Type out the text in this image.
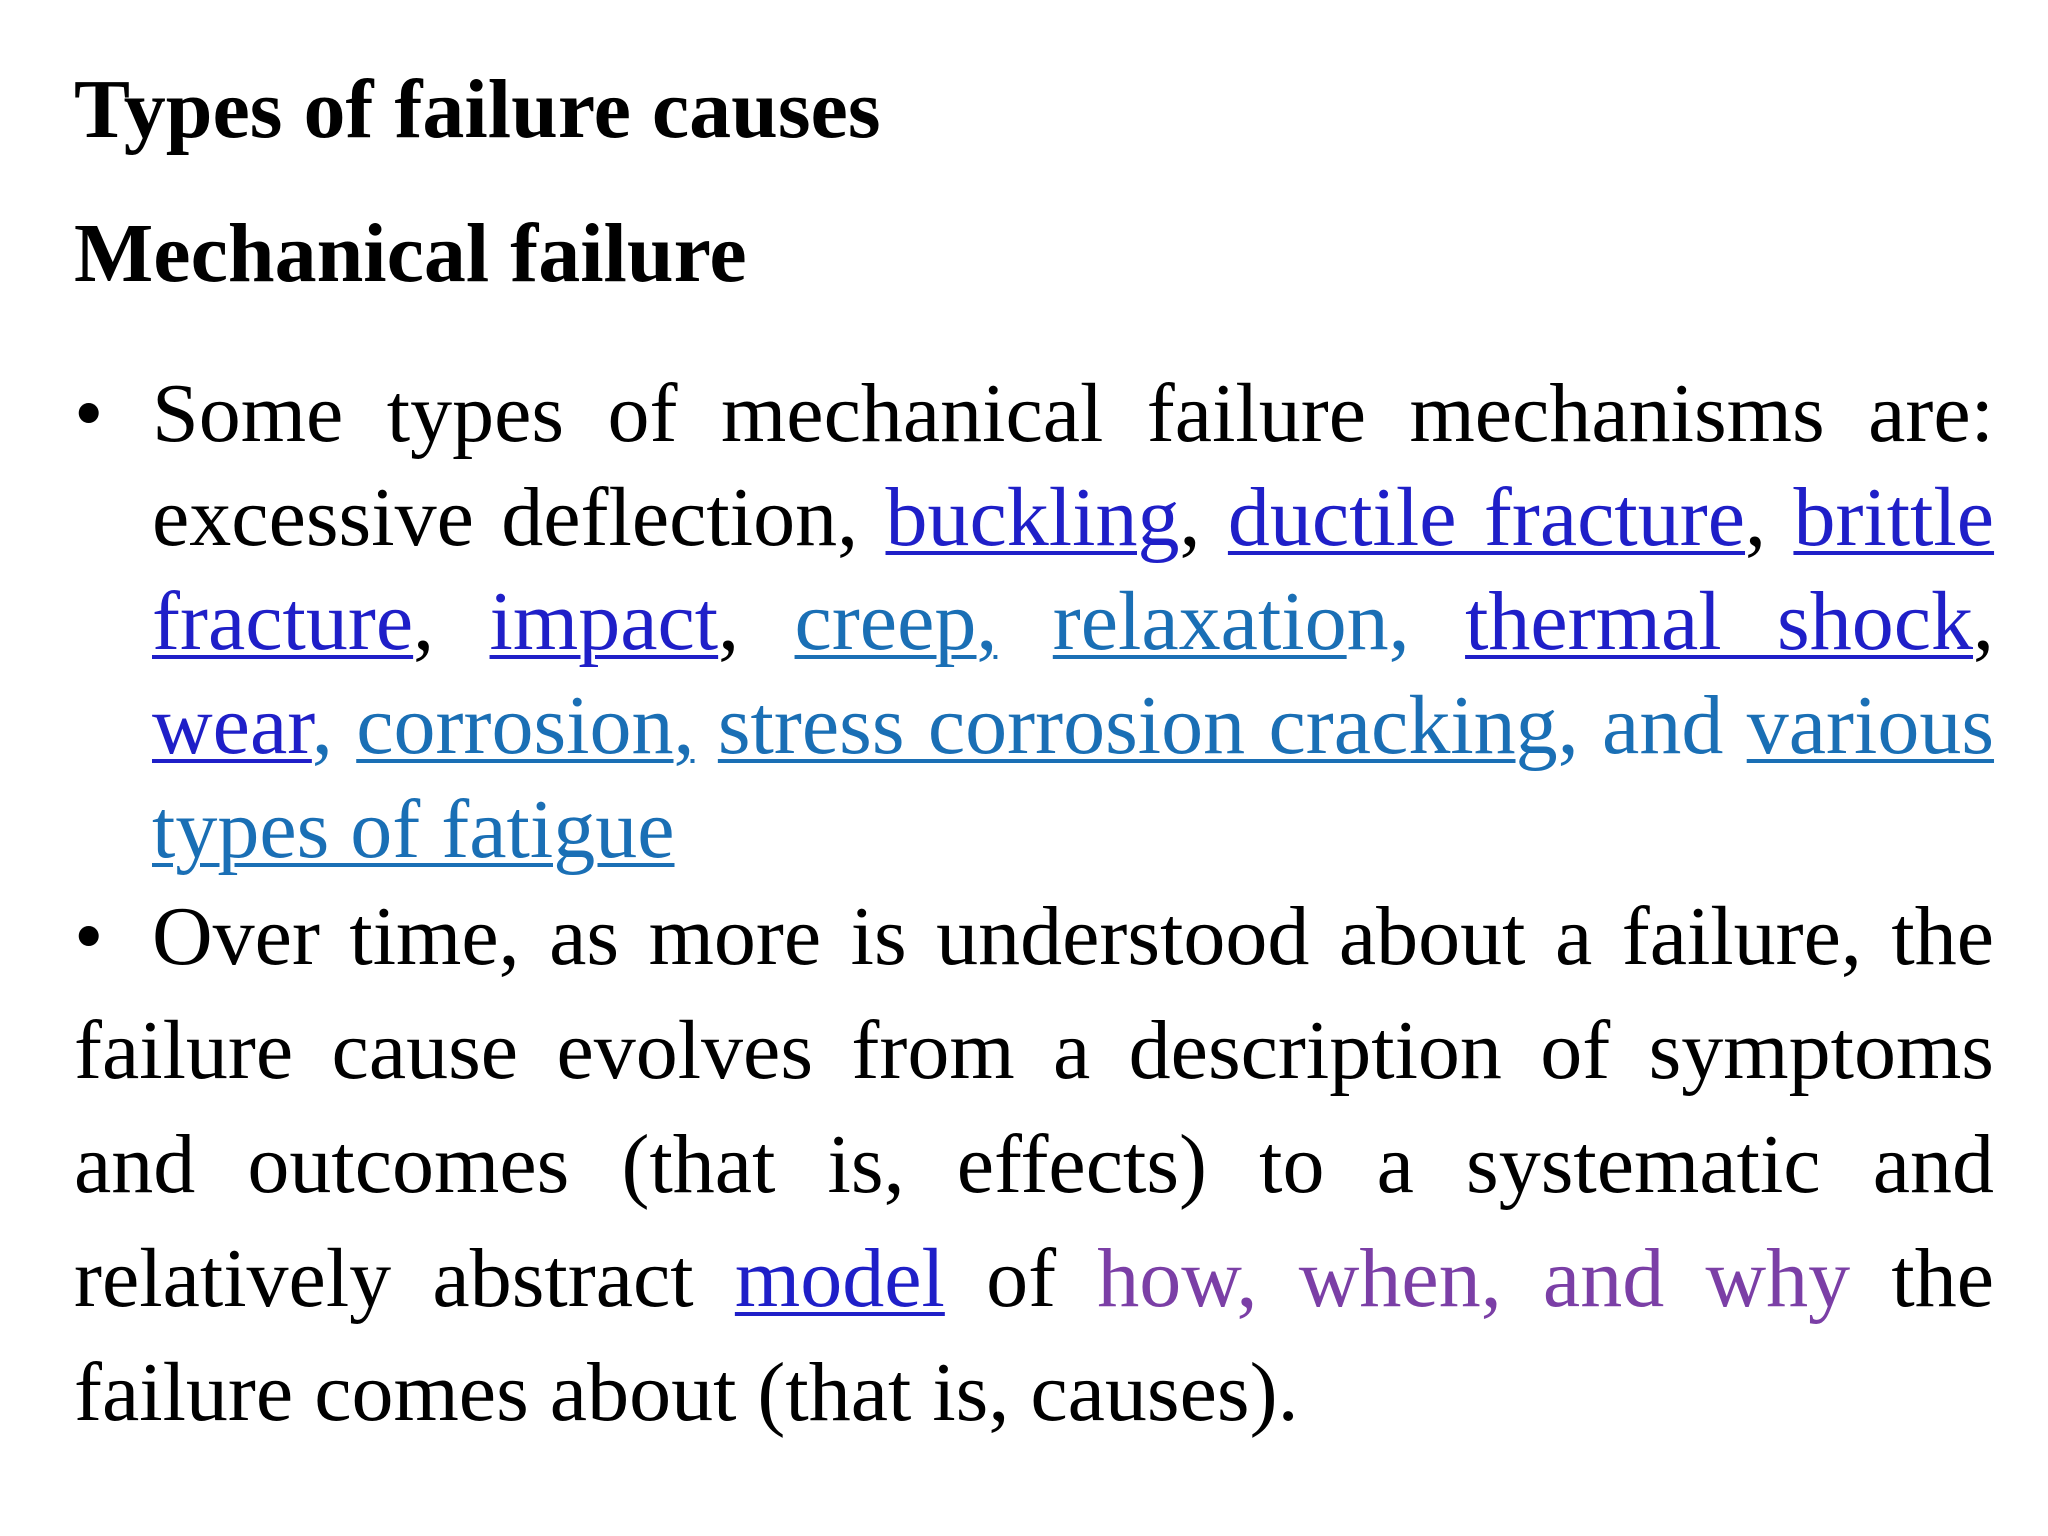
Types of failure causes
Mechanical failure
• Some types of mechanical failure mechanisms are: excessive deflection, buckling, ductile fracture, brittle fracture, impact, creep, relaxation, thermal shock, wear, corrosion, stress corrosion cracking, and various types of fatigue
• Over time, as more is understood about a failure, the failure cause evolves from a description of symptoms and outcomes (that is, effects) to a systematic and relatively abstract model of how, when, and why the failure comes about (that is, causes).
